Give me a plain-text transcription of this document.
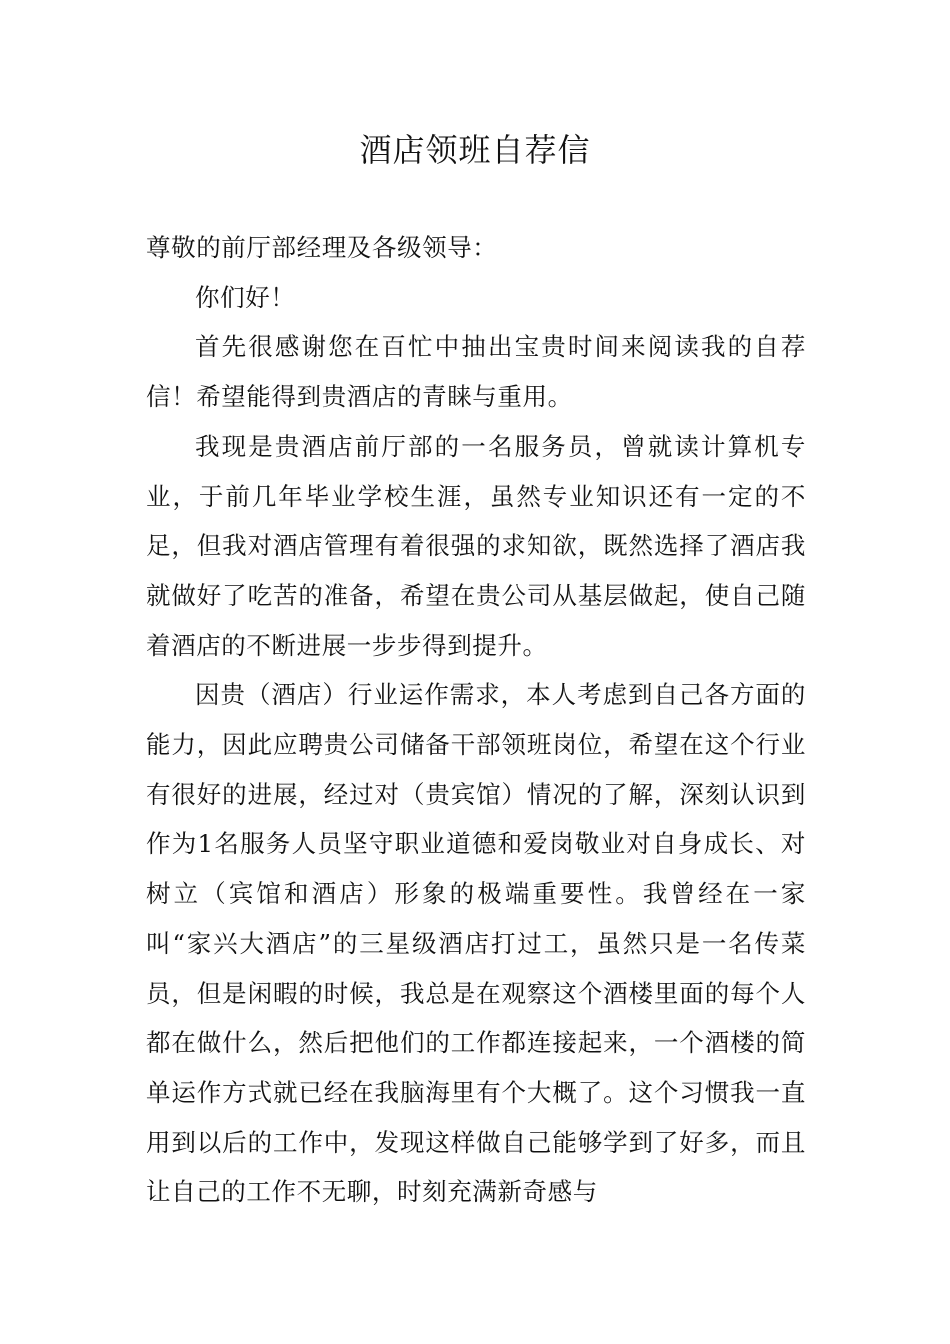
酒店领班自荐信

尊敬的前厅部经理及各级领导：

你们好！

首先很感谢您在百忙中抽出宝贵时间来阅读我的自荐信！希望能得到贵酒店的青睐与重用。

我现是贵酒店前厅部的一名服务员，曾就读计算机专业，于前几年毕业学校生涯，虽然专业知识还有一定的不足，但我对酒店管理有着很强的求知欲，既然选择了酒店我就做好了吃苦的准备，希望在贵公司从基层做起，使自己随着酒店的不断进展一步步得到提升。

因贵（酒店）行业运作需求，本人考虑到自己各方面的能力，因此应聘贵公司储备干部领班岗位，希望在这个行业有很好的进展，经过对（贵宾馆）情况的了解，深刻认识到作为1名服务人员坚守职业道德和爱岗敬业对自身成长、对树立（宾馆和酒店）形象的极端重要性。我曾经在一家叫“家兴大酒店”的三星级酒店打过工，虽然只是一名传菜员，但是闲暇的时候，我总是在观察这个酒楼里面的每个人都在做什么，然后把他们的工作都连接起来，一个酒楼的简单运作方式就已经在我脑海里有个大概了。这个习惯我一直用到以后的工作中，发现这样做自己能够学到了好多，而且让自己的工作不无聊，时刻充满新奇感与
